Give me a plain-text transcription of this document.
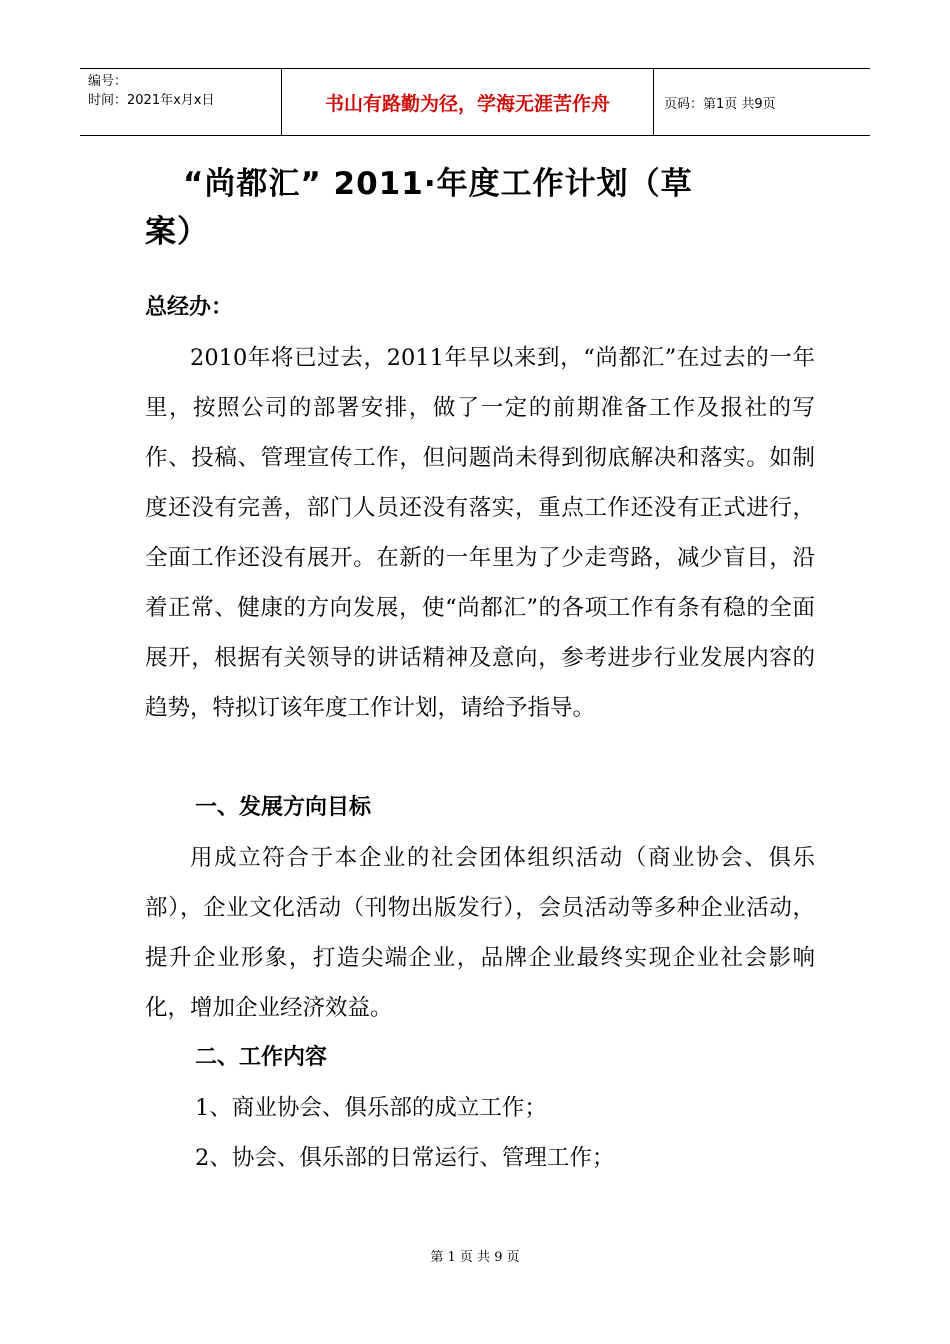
编号：
时间：2021年x月x日	书山有路勤为径，学海无涯苦作舟	页码：第1页 共9页
“尚都汇” 2011·年度工作计划（草
案）
总经办：

2010年将已过去，2011年早以来到，“尚都汇”在过去的一年里，按照公司的部署安排，做了一定的前期准备工作及报社的写作、投稿、管理宣传工作，但问题尚未得到彻底解决和落实。如制度还没有完善，部门人员还没有落实，重点工作还没有正式进行，全面工作还没有展开。在新的一年里为了少走弯路，减少盲目，沿着正常、健康的方向发展，使“尚都汇”的各项工作有条有稳的全面展开，根据有关领导的讲话精神及意向，参考进步行业发展内容的趋势，特拟订该年度工作计划，请给予指导。

一、发展方向目标

用成立符合于本企业的社会团体组织活动（商业协会、俱乐部），企业文化活动（刊物出版发行），会员活动等多种企业活动，提升企业形象，打造尖端企业，品牌企业最终实现企业社会影响化，增加企业经济效益。

二、工作内容
1、商业协会、俱乐部的成立工作；
2、协会、俱乐部的日常运行、管理工作；
第 1 页 共 9 页
